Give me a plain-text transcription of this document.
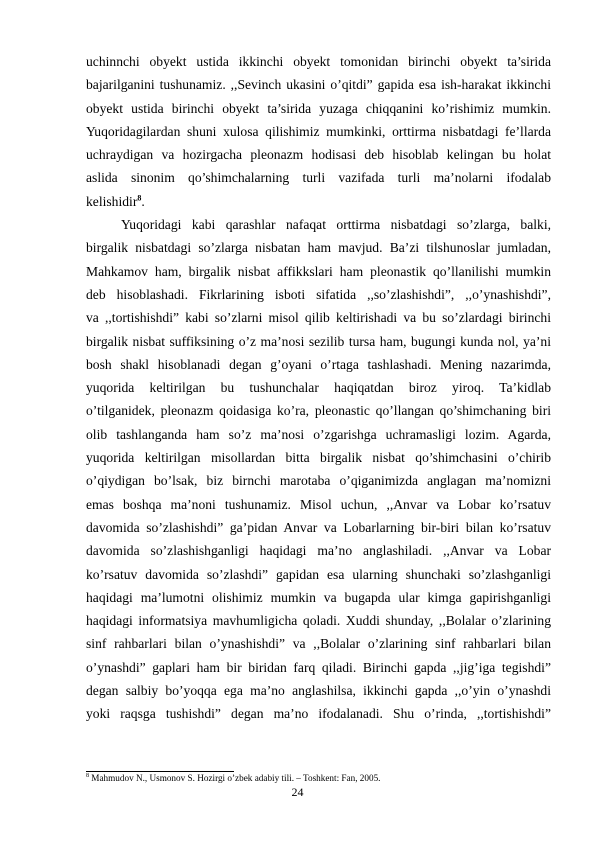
uchinnchi obyekt ustida ikkinchi obyekt tomonidan birinchi obyekt ta’sirida
bajarilganini tushunamiz. ,,Sevinch ukasini o’qitdi” gapida esa ish-harakat ikkinchi
obyekt ustida birinchi obyekt ta’sirida yuzaga chiqqanini ko’rishimiz mumkin.
Yuqoridagilardan shuni xulosa qilishimiz mumkinki, orttirma nisbatdagi fe’llarda
uchraydigan va hozirgacha pleonazm hodisasi deb hisoblab kelingan bu holat
aslida sinonim qo’shimchalarning turli vazifada turli ma’nolarni ifodalab
kelishidir$^8$.
Yuqoridagi kabi qarashlar nafaqat orttirma nisbatdagi so’zlarga, balki,
birgalik nisbatdagi so’zlarga nisbatan ham mavjud. Ba’zi tilshunoslar jumladan,
Mahkamov ham, birgalik nisbat affikkslari ham pleonastik qo’llanilishi mumkin
deb hisoblashadi. Fikrlarining isboti sifatida ,,so’zlashishdi”, ,,o’ynashishdi”,
va ,,tortishishdi” kabi so’zlarni misol qilib keltirishadi va bu so’zlardagi birinchi
birgalik nisbat suffiksining o’z ma’nosi sezilib tursa ham, bugungi kunda nol, ya’ni
bosh shakl hisoblanadi degan g’oyani o’rtaga tashlashadi. Mening nazarimda,
yuqorida keltirilgan bu tushunchalar haqiqatdan biroz yiroq. Ta’kidlab
o’tilganidek, pleonazm qoidasiga ko’ra, pleonastic qo’llangan qo’shimchaning biri
olib tashlanganda ham so’z ma’nosi o’zgarishga uchramasligi lozim. Agarda,
yuqorida keltirilgan misollardan bitta birgalik nisbat qo’shimchasini o’chirib
o’qiydigan bo’lsak, biz birnchi marotaba o’qiganimizda anglagan ma’nomizni
emas boshqa ma’noni tushunamiz. Misol uchun, ,,Anvar va Lobar ko’rsatuv
davomida so’zlashishdi” ga’pidan Anvar va Lobarlarning bir-biri bilan ko’rsatuv
davomida so’zlashishganligi haqidagi ma’no anglashiladi. ,,Anvar va Lobar
ko’rsatuv davomida so’zlashdi” gapidan esa ularning shunchaki so’zlashganligi
haqidagi ma’lumotni olishimiz mumkin va bugapda ular kimga gapirishganligi
haqidagi informatsiya mavhumligicha qoladi. Xuddi shunday, ,,Bolalar o’zlarining
sinf rahbarlari bilan o’ynashishdi” va ,,Bolalar o’zlarining sinf rahbarlari bilan
o’ynashdi” gaplari ham bir biridan farq qiladi. Birinchi gapda ,,jig’iga tegishdi”
degan salbiy bo’yoqqa ega ma’no anglashilsa, ikkinchi gapda ,,o’yin o’ynashdi
yoki raqsga tushishdi” degan ma’no ifodalanadi. Shu o’rinda, ,,tortishishdi”
$^8$ Mahmudov N., Usmonov S. Hozirgi o’zbek adabiy tili. – Toshkent: Fan, 2005.
24
